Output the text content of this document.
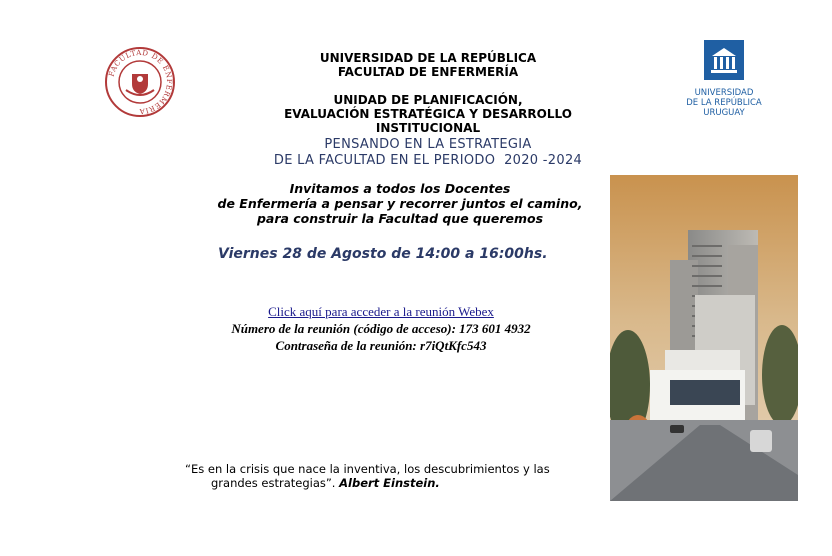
FACULTAD DE ENFERMERÍA
UNIVERSIDAD DE LA REPÚBLICA
FACULTAD DE ENFERMERÍA
UNIDAD DE PLANIFICACIÓN,
EVALUACIÓN ESTRATÉGICA Y DESARROLLO INSTITUCIONAL
UNIVERSIDAD
DE LA REPÚBLICA
URUGUAY
PENSANDO EN LA ESTRATEGIA
DE LA FACULTAD EN EL PERIODO  2020 -2024
Invitamos a todos los Docentes
de Enfermería a pensar y recorrer juntos el camino,
para construir la Facultad que queremos
Viernes 28 de Agosto de 14:00 a 16:00hs.
Click aquí para acceder a la reunión Webex
Número de la reunión (código de acceso): 173 601 4932
Contraseña de la reunión: r7iQtKfc543
“Es en la crisis que nace la inventiva, los descubrimientos y las
grandes estrategias”. Albert Einstein.
